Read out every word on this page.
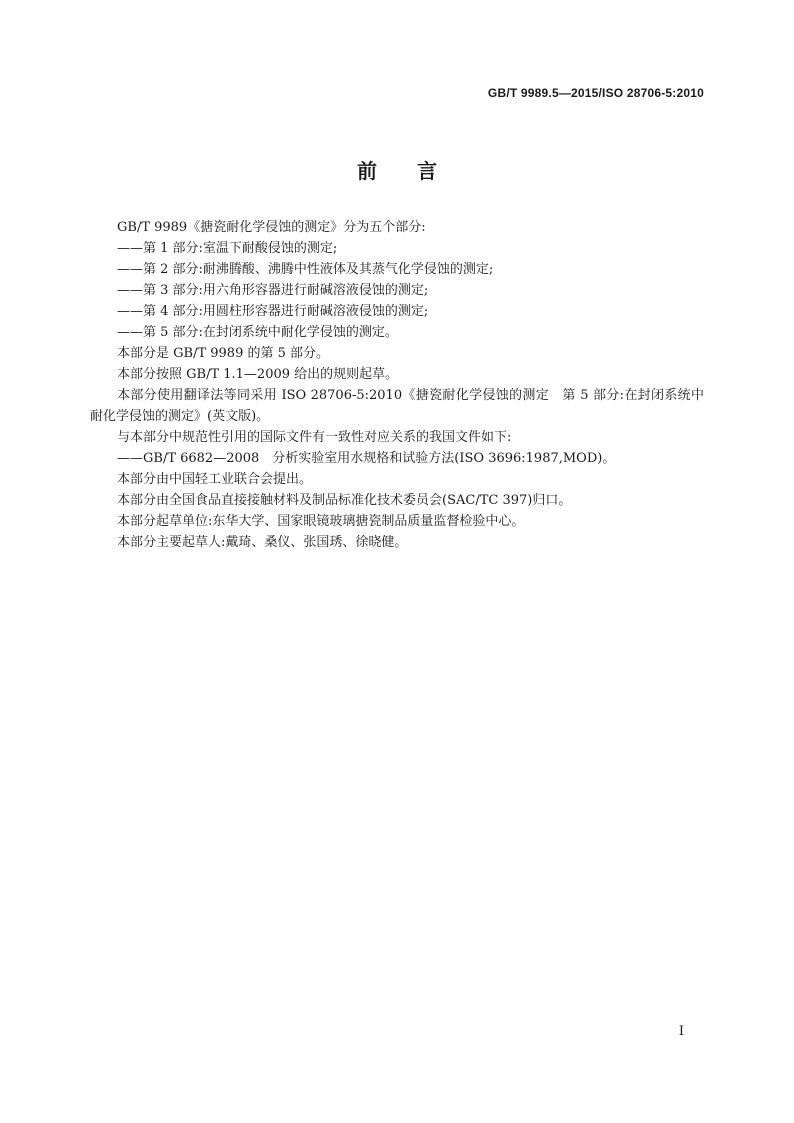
GB/T 9989.5—2015/ISO 28706-5:2010
前言

GB/T 9989《搪瓷耐化学侵蚀的测定》分为五个部分:

——第 1 部分:室温下耐酸侵蚀的测定;

——第 2 部分:耐沸腾酸、沸腾中性液体及其蒸气化学侵蚀的测定;

——第 3 部分:用六角形容器进行耐碱溶液侵蚀的测定;

——第 4 部分:用圆柱形容器进行耐碱溶液侵蚀的测定;

——第 5 部分:在封闭系统中耐化学侵蚀的测定。

本部分是 GB/T 9989 的第 5 部分。

本部分按照 GB/T 1.1—2009 给出的规则起草。

本部分使用翻译法等同采用 ISO 28706-5:2010《搪瓷耐化学侵蚀的测定　第 5 部分:在封闭系统中耐化学侵蚀的测定》(英文版)。

与本部分中规范性引用的国际文件有一致性对应关系的我国文件如下:

——GB/T 6682—2008　分析实验室用水规格和试验方法(ISO 3696:1987,MOD)。

本部分由中国轻工业联合会提出。

本部分由全国食品直接接触材料及制品标准化技术委员会(SAC/TC 397)归口。

本部分起草单位:东华大学、国家眼镜玻璃搪瓷制品质量监督检验中心。

本部分主要起草人:戴琦、桑仪、张国琇、徐晓健。

I
